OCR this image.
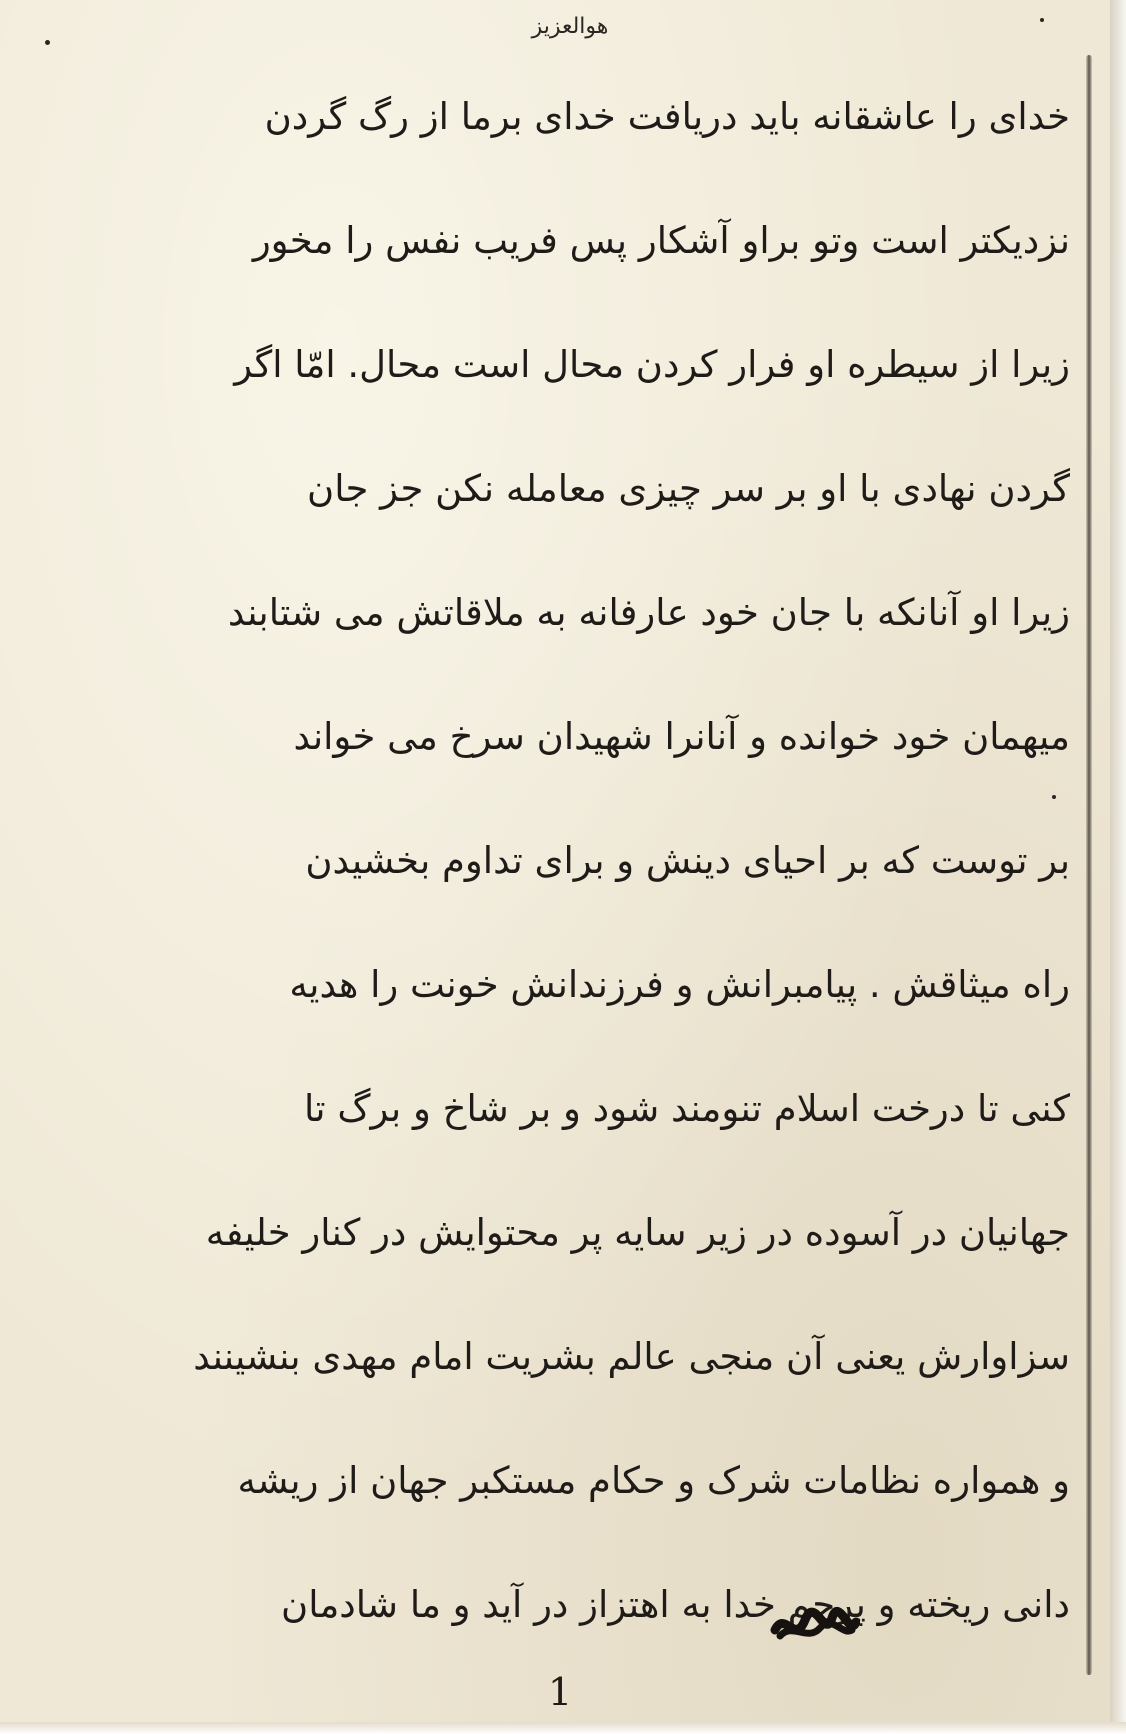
هوالعزیز
خدای را عاشقانه باید دریافت خدای برما از رگ گردن
نزدیکتر است وتو براو آشکار پس فریب نفس را مخور
زیرا از سیطره او فرار کردن محال است محال. امّا اگر
گردن نهادی با او بر سر چیزی معامله نکن جز جان
زیرا او آنانکه با جان خود عارفانه به ملاقاتش می شتابند
میهمان خود خوانده و آنانرا شهیدان سرخ می خواند
بر توست که بر احیای دینش و برای تداوم بخشیدن
راه میثاقش . پیامبرانش و فرزندانش خونت را هدیه
کنی تا درخت اسلام تنومند شود و بر شاخ و برگ تا
جهانیان در آسوده در زیر سایه پر محتوایش در کنار خلیفه
سزاوارش یعنی آن منجی عالم بشریت امام مهدی بنشینند
و همواره نظامات شرک و حکام مستکبر جهان از ریشه
دانی ریخته و پرچم خدا به اهتزاز در آید و ما شادمان
1
